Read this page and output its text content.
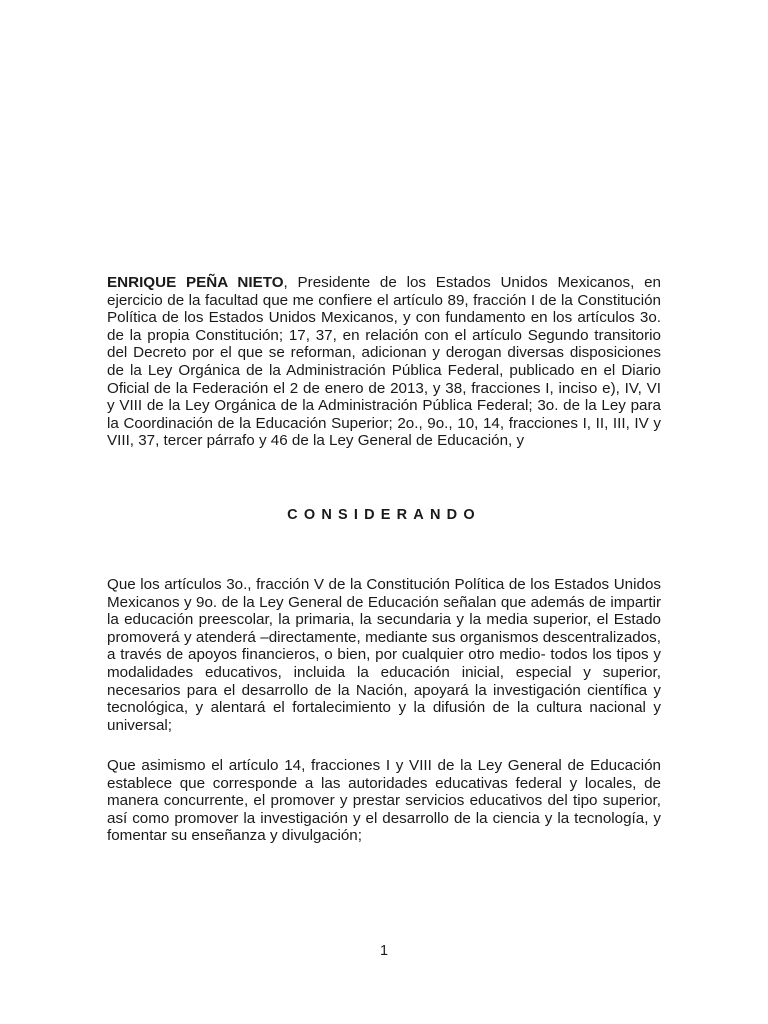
ENRIQUE PEÑA NIETO, Presidente de los Estados Unidos Mexicanos, en ejercicio de la facultad que me confiere el artículo 89, fracción I de la Constitución Política de los Estados Unidos Mexicanos, y con fundamento en los artículos 3o. de la propia Constitución; 17, 37, en relación con el artículo Segundo transitorio del Decreto por el que se reforman, adicionan y derogan diversas disposiciones de la Ley Orgánica de la Administración Pública Federal, publicado en el Diario Oficial de la Federación el 2 de enero de 2013, y 38, fracciones I, inciso e), IV, VI y VIII de la Ley Orgánica de la Administración Pública Federal; 3o. de la Ley para la Coordinación de la Educación Superior; 2o., 9o., 10, 14, fracciones I, II, III, IV y VIII, 37, tercer párrafo y 46 de la Ley General de Educación, y

CONSIDERANDO

Que los artículos 3o., fracción V de la Constitución Política de los Estados Unidos Mexicanos y 9o. de la Ley General de Educación señalan que además de impartir la educación preescolar, la primaria, la secundaria y la media superior, el Estado promoverá y atenderá –directamente, mediante sus organismos descentralizados, a través de apoyos financieros, o bien, por cualquier otro medio- todos los tipos y modalidades educativos, incluida la educación inicial, especial y superior, necesarios para el desarrollo de la Nación, apoyará la investigación científica y tecnológica, y alentará el fortalecimiento y la difusión de la cultura nacional y universal;

Que asimismo el artículo 14, fracciones I y VIII de la Ley General de Educación establece que corresponde a las autoridades educativas federal y locales, de manera concurrente, el promover y prestar servicios educativos del tipo superior, así como promover la investigación y el desarrollo de la ciencia y la tecnología, y fomentar su enseñanza y divulgación;

1
